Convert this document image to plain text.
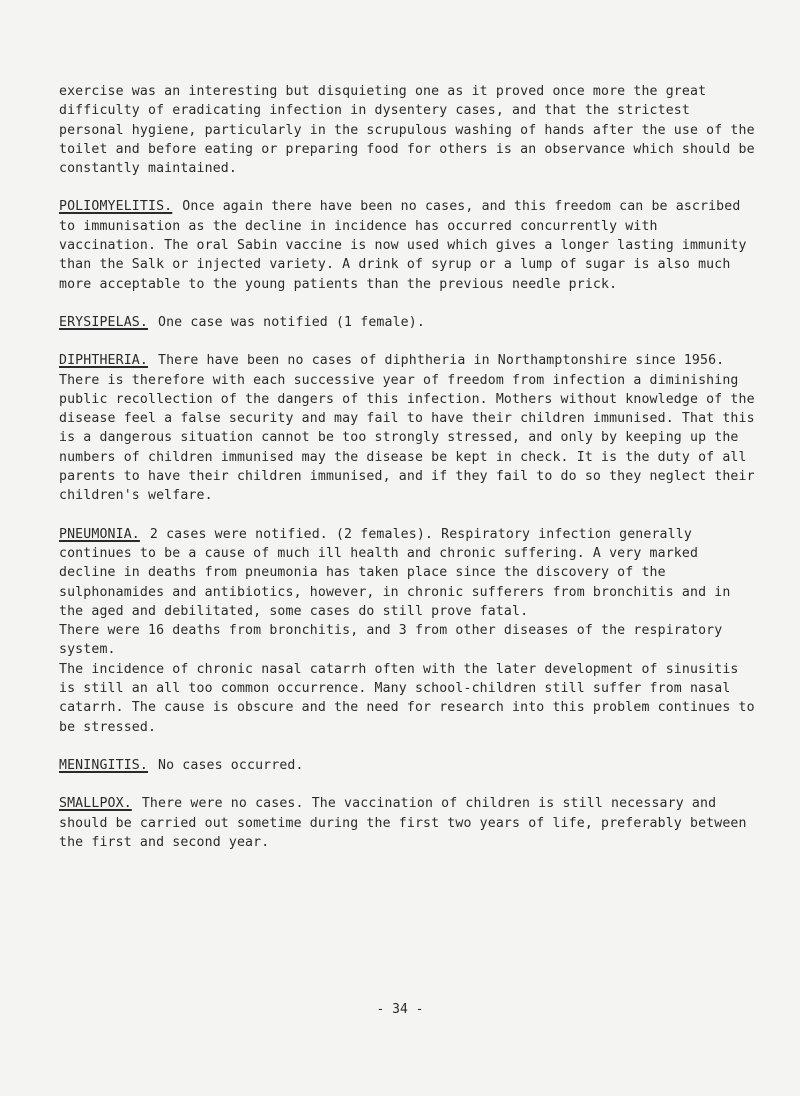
exercise was an interesting but disquieting one as it proved once more the great difficulty of eradicating infection in dysentery cases, and that the strictest personal hygiene, particularly in the scrupulous washing of hands after the use of the toilet and before eating or preparing food for others is an observance which should be constantly maintained.

POLIOMYELITIS. Once again there have been no cases, and this freedom can be ascribed to immunisation as the decline in incidence has occurred concurrently with vaccination. The oral Sabin vaccine is now used which gives a longer lasting immunity than the Salk or injected variety. A drink of syrup or a lump of sugar is also much more acceptable to the young patients than the previous needle prick.

ERYSIPELAS. One case was notified (1 female).

DIPHTHERIA. There have been no cases of diphtheria in Northamptonshire since 1956. There is therefore with each successive year of freedom from infection a diminishing public recollection of the dangers of this infection. Mothers without knowledge of the disease feel a false security and may fail to have their children immunised. That this is a dangerous situation cannot be too strongly stressed, and only by keeping up the numbers of children immunised may the disease be kept in check. It is the duty of all parents to have their children immunised, and if they fail to do so they neglect their children's welfare.

PNEUMONIA. 2 cases were notified. (2 females). Respiratory infection generally continues to be a cause of much ill health and chronic suffering. A very marked decline in deaths from pneumonia has taken place since the discovery of the sulphonamides and antibiotics, however, in chronic sufferers from bronchitis and in the aged and debilitated, some cases do still prove fatal.

There were 16 deaths from bronchitis, and 3 from other diseases of the respiratory system.

The incidence of chronic nasal catarrh often with the later development of sinusitis is still an all too common occurrence. Many school-children still suffer from nasal catarrh. The cause is obscure and the need for research into this problem continues to be stressed.

MENINGITIS. No cases occurred.

SMALLPOX. There were no cases. The vaccination of children is still necessary and should be carried out sometime during the first two years of life, preferably between the first and second year.

- 34 -
